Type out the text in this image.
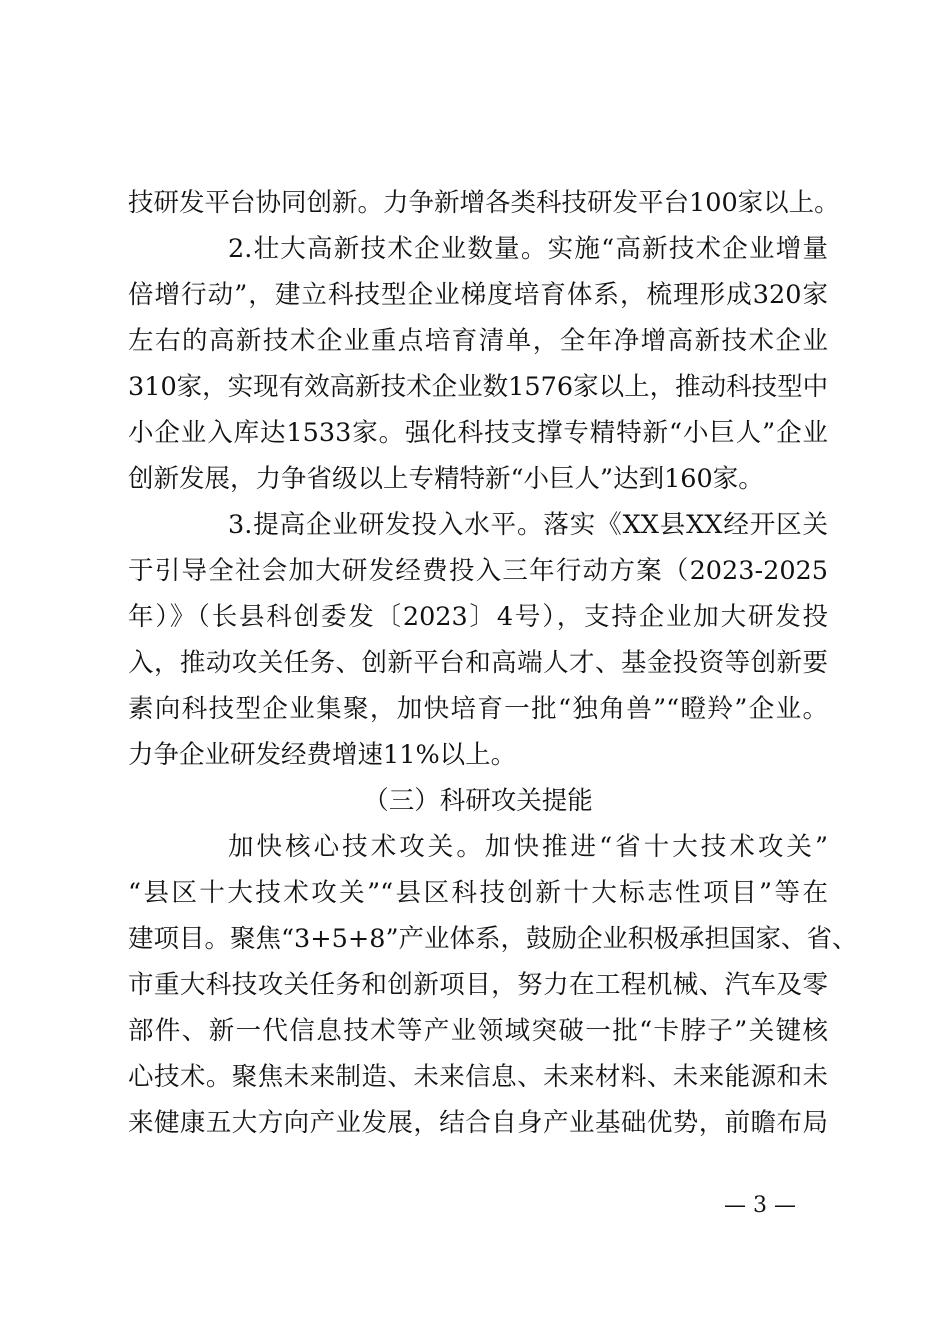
技研发平台协同创新。力争新增各类科技研发平台100家以上。
2.壮大高新技术企业数量。实施“高新技术企业增量
倍增行动”，建立科技型企业梯度培育体系，梳理形成320家
左右的高新技术企业重点培育清单，全年净增高新技术企业
310家，实现有效高新技术企业数1576家以上，推动科技型中
小企业入库达1533家。强化科技支撑专精特新“小巨人”企业
创新发展，力争省级以上专精特新“小巨人”达到160家。
3.提高企业研发投入水平。落实《XX县XX经开区关
于引导全社会加大研发经费投入三年行动方案（2023-2025
年）》（长县科创委发〔2023〕4号），支持企业加大研发投
入，推动攻关任务、创新平台和高端人才、基金投资等创新要
素向科技型企业集聚，加快培育一批“独角兽”“瞪羚”企业。
力争企业研发经费增速11%以上。
（三）科研攻关提能
加快核心技术攻关。加快推进“省十大技术攻关”
“县区十大技术攻关”“县区科技创新十大标志性项目”等在
建项目。聚焦“3+5+8”产业体系，鼓励企业积极承担国家、省、
市重大科技攻关任务和创新项目，努力在工程机械、汽车及零
部件、新一代信息技术等产业领域突破一批“卡脖子”关键核
心技术。聚焦未来制造、未来信息、未来材料、未来能源和未
来健康五大方向产业发展，结合自身产业基础优势，前瞻布局
— 3 —
